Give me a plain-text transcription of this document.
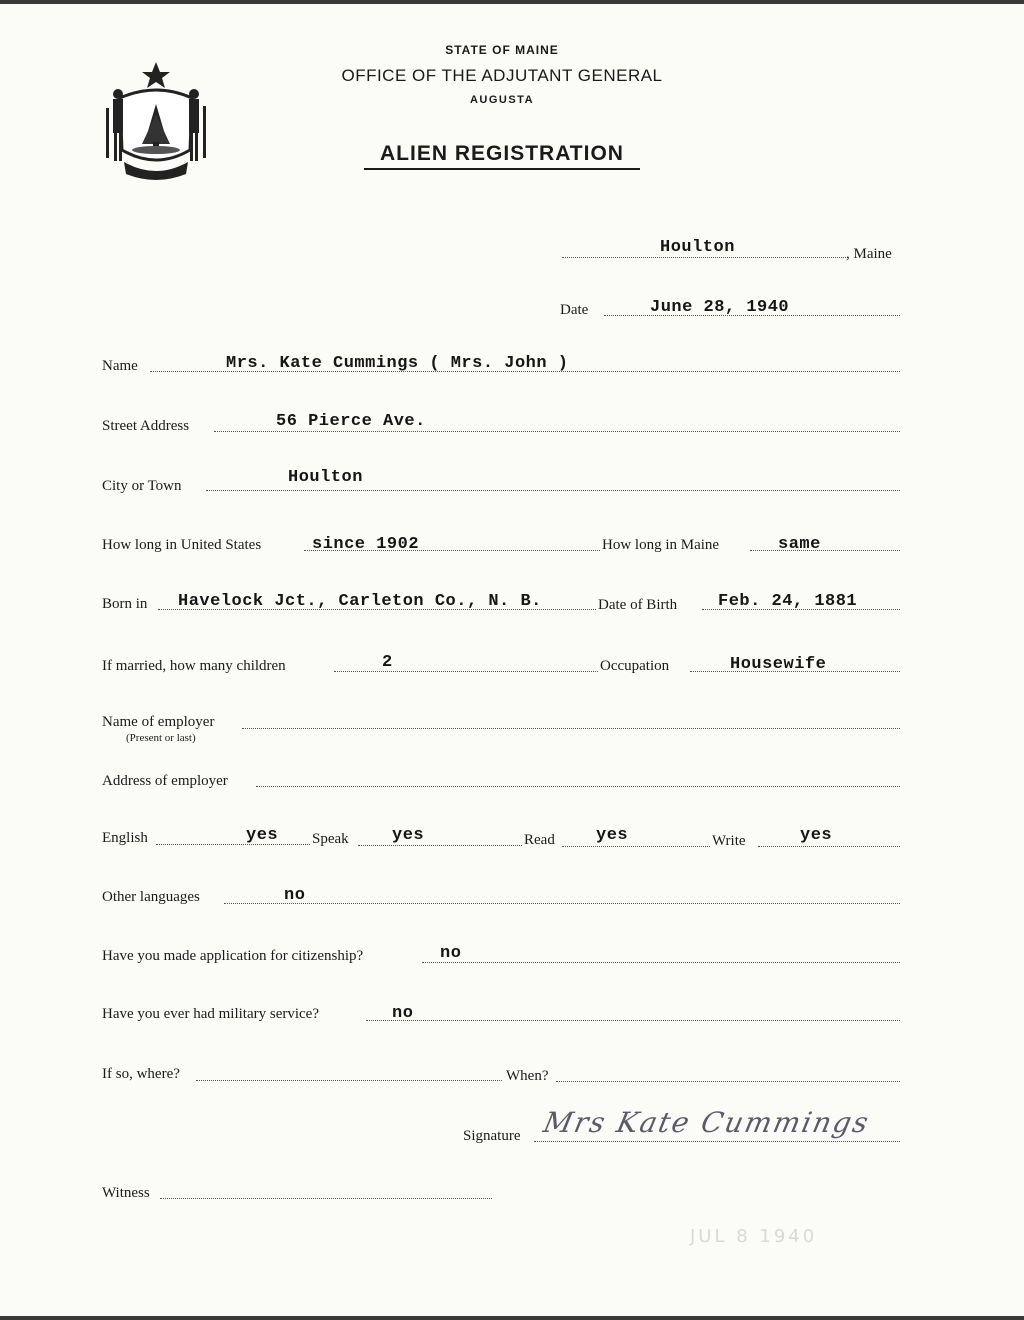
STATE OF MAINE
OFFICE OF THE ADJUTANT GENERAL
AUGUSTA
ALIEN REGISTRATION
Houlton	, Maine
Date	June 28, 1940
Name	Mrs. Kate Cummings ( Mrs. John )
Street Address	56 Pierce Ave.
City or Town	Houlton
How long in United States	since 1902	How long in Maine	same
Born in Havelock Jct., Carleton Co., N. B.	Date of Birth Feb. 24, 1881
If married, how many children	2	Occupation	Housewife
Name of employer
(Present or last)
Address of employer
English	yes Speak	yes	Read yes	Write	yes
Other languages	no
Have you made application for citizenship?	no
Have you ever had military service?	no
If so, where?	When?
Signature Mrs Kate Cummings
Witness
JUL 8 1940
